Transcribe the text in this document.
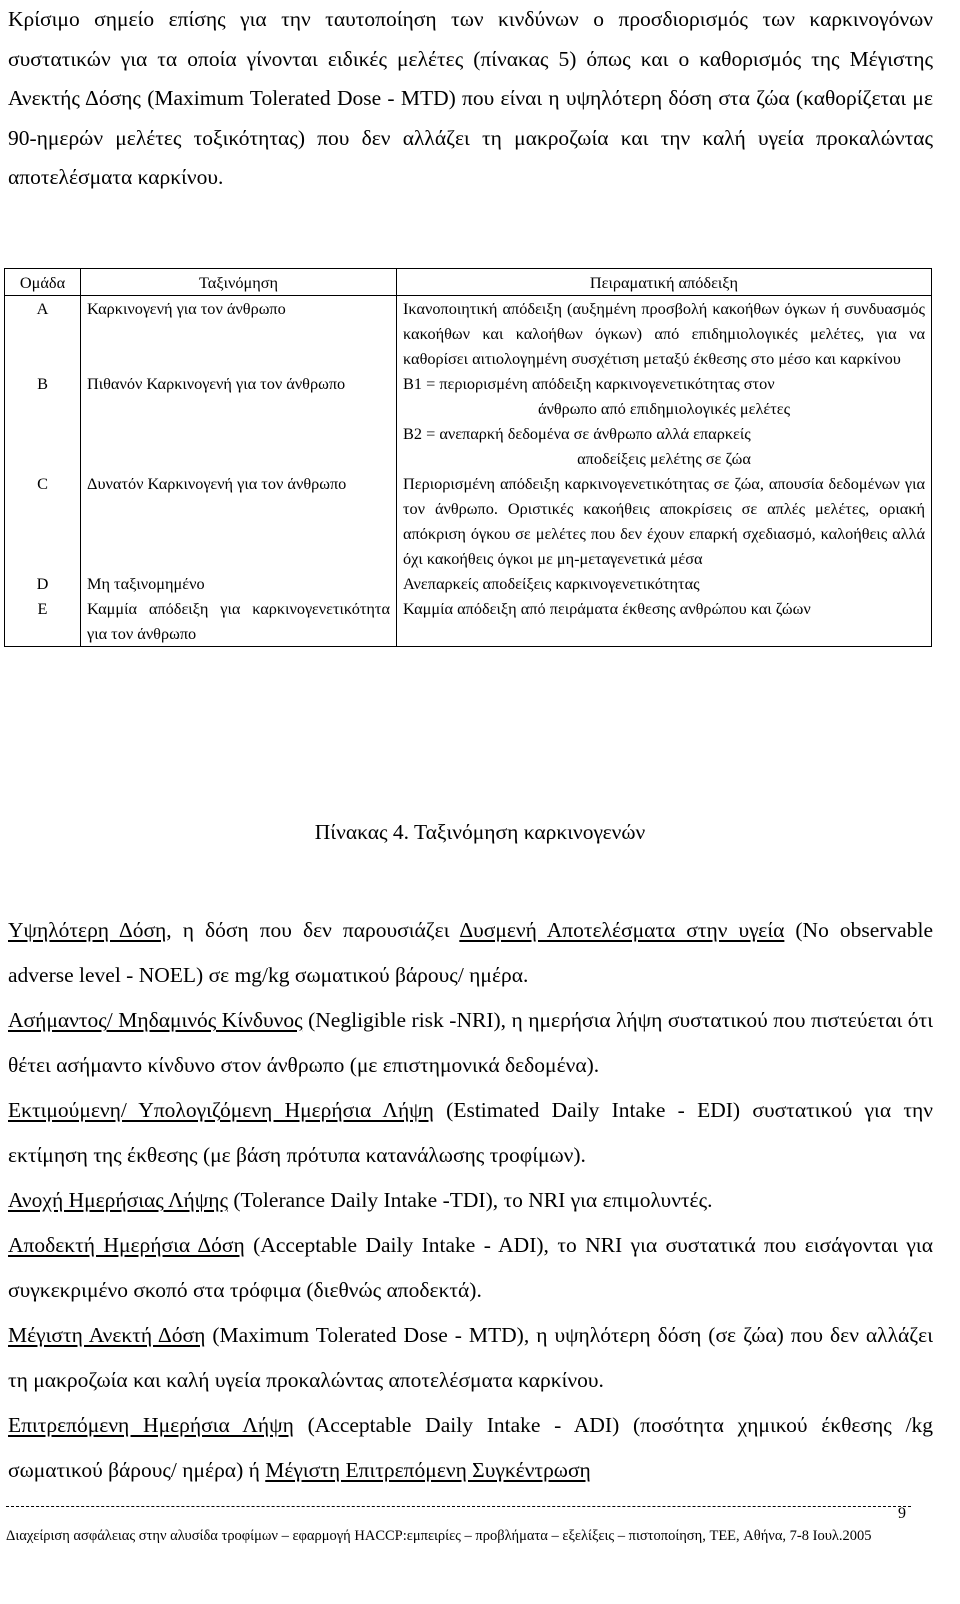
Κρίσιμο σημείο επίσης για την ταυτοποίηση των κινδύνων ο προσδιορισμός των καρκινογόνων συστατικών για τα οποία γίνονται ειδικές μελέτες (πίνακας 5) όπως και ο καθορισμός της Μέγιστης Ανεκτής Δόσης (Maximum Tolerated Dose - MTD) που είναι η υψηλότερη δόση στα ζώα (καθορίζεται με 90-ημερών μελέτες τοξικότητας) που δεν αλλάζει τη μακροζωία και την καλή υγεία προκαλώντας αποτελέσματα καρκίνου.

Ομάδα	Ταξινόμηση	Πειραματική απόδειξη
A	Καρκινογενή για τον άνθρωπο	Ικανοποιητική απόδειξη (αυξημένη προσβολή κακοήθων όγκων ή συνδυασμός κακοήθων και καλοήθων όγκων) από επιδημιολογικές μελέτες, για να καθορίσει αιτιολογημένη συσχέτιση μεταξύ έκθεσης στο μέσο και καρκίνου
B	Πιθανόν Καρκινογενή για τον άνθρωπο	B1 = περιορισμένη απόδειξη καρκινογενετικότητας στον
άνθρωπο από επιδημιολογικές μελέτες
B2 = ανεπαρκή δεδομένα σε άνθρωπο αλλά επαρκείς
αποδείξεις μελέτης σε ζώα

C	Δυνατόν Καρκινογενή για τον άνθρωπο	Περιορισμένη απόδειξη καρκινογενετικότητας σε ζώα, απουσία δεδομένων για τον άνθρωπο. Οριστικές κακοήθεις αποκρίσεις σε απλές μελέτες, οριακή απόκριση όγκου σε μελέτες που δεν έχουν επαρκή σχεδιασμό, καλοήθεις αλλά όχι κακοήθεις όγκοι με μη-μεταγενετικά μέσα
D	Μη ταξινομημένο	Ανεπαρκείς αποδείξεις καρκινογενετικότητας
E	Καμμία απόδειξη για καρκινογενετικότητα για τον άνθρωπο	Καμμία απόδειξη από πειράματα έκθεσης ανθρώπου και ζώων
Πίνακας 4. Ταξινόμηση καρκινογενών

Υψηλότερη Δόση, η δόση που δεν παρουσιάζει Δυσμενή Αποτελέσματα στην υγεία (No observable adverse level - NOEL) σε mg/kg σωματικού βάρους/ ημέρα.

Ασήμαντος/ Μηδαμινός Κίνδυνος (Negligible risk -NRI), η ημερήσια λήψη συστατικού που πιστεύεται ότι θέτει ασήμαντο κίνδυνο στον άνθρωπο (με επιστημονικά δεδομένα).

Εκτιμούμενη/ Υπολογιζόμενη Ημερήσια Λήψη (Estimated Daily Intake - EDI) συστατικού για την εκτίμηση της έκθεσης (με βάση πρότυπα κατανάλωσης τροφίμων).

Ανοχή Ημερήσιας Λήψης (Tolerance Daily Intake -TDI), το NRI για επιμολυντές.

Αποδεκτή Ημερήσια Δόση (Acceptable Daily Intake - ADI), το NRI για συστατικά που εισάγονται για συγκεκριμένο σκοπό στα τρόφιμα (διεθνώς αποδεκτά).

Μέγιστη Ανεκτή Δόση (Maximum Tolerated Dose - MTD), η υψηλότερη δόση (σε ζώα) που δεν αλλάζει τη μακροζωία και καλή υγεία προκαλώντας αποτελέσματα καρκίνου.

Επιτρεπόμενη Ημερήσια Λήψη (Acceptable Daily Intake - ADI) (ποσότητα χημικού έκθεσης /kg σωματικού βάρους/ ημέρα) ή Μέγιστη Επιτρεπόμενη Συγκέντρωση

9
Διαχείριση ασφάλειας στην αλυσίδα τροφίμων – εφαρμογή HACCP:εμπειρίες – προβλήματα – εξελίξεις – πιστοποίηση, TEE, Αθήνα, 7-8 Ιουλ.2005
